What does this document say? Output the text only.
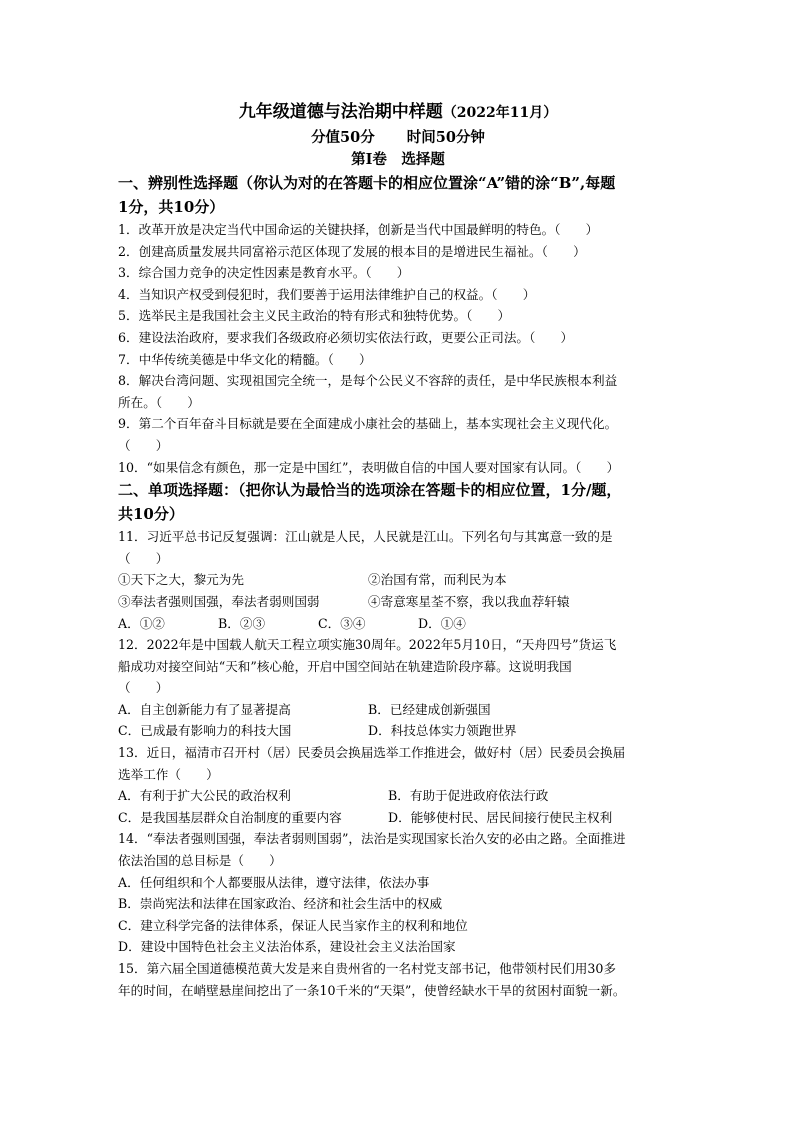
九年级道德与法治期中样题（2022年11月）
分值50分 时间50分钟
第Ⅰ卷　选择题

一、辨别性选择题（你认为对的在答题卡的相应位置涂“A”错的涂“B”,每题

1分，共10分）

1．改革开放是决定当代中国命运的关键抉择，创新是当代中国最鲜明的特色。（　　）

2．创建高质量发展共同富裕示范区体现了发展的根本目的是增进民生福祉。（　　）

3．综合国力竞争的决定性因素是教育水平。（　　）

4．当知识产权受到侵犯时，我们要善于运用法律维护自己的权益。（　　）

5．选举民主是我国社会主义民主政治的特有形式和独特优势。（　　）

6．建设法治政府，要求我们各级政府必须切实依法行政，更要公正司法。（　　）

7．中华传统美德是中华文化的精髓。（　　）

8．解决台湾问题、实现祖国完全统一，是每个公民义不容辞的责任，是中华民族根本利益

所在。（　　）

9．第二个百年奋斗目标就是要在全面建成小康社会的基础上，基本实现社会主义现代化。

（　　）

10．“如果信念有颜色，那一定是中国红”，表明做自信的中国人要对国家有认同。（　　）

二、单项选择题：（把你认为最恰当的选项涂在答题卡的相应位置，1分/题，

共10分）

11．习近平总书记反复强调：江山就是人民，人民就是江山。下列名句与其寓意一致的是

（　　）

①天下之大，黎元为先	②治国有常，而利民为本
③奉法者强则国强，奉法者弱则国弱	④寄意寒星荃不察，我以我血荐轩辕
A．①②	B．②③	C．③④	D．①④

12．2022年是中国载人航天工程立项实施30周年。2022年5月10日，“天舟四号”货运飞

船成功对接空间站“天和”核心舱，开启中国空间站在轨建造阶段序幕。这说明我国

（　　）

A．自主创新能力有了显著提高	B．已经建成创新强国
C．已成最有影响力的科技大国	D．科技总体实力领跑世界

13．近日，福清市召开村（居）民委员会换届选举工作推进会，做好村（居）民委员会换届

选举工作（　　）

A．有利于扩大公民的政治权利	B．有助于促进政府依法行政
C．是我国基层群众自治制度的重要内容	D．能够使村民、居民间接行使民主权利

14．“奉法者强则国强，奉法者弱则国弱”，法治是实现国家长治久安的必由之路。全面推进

依法治国的总目标是（　　）

A．任何组织和个人都要服从法律，遵守法律，依法办事

B．崇尚宪法和法律在国家政治、经济和社会生活中的权威

C．建立科学完备的法律体系，保证人民当家作主的权利和地位

D．建设中国特色社会主义法治体系，建设社会主义法治国家

15．第六届全国道德模范黄大发是来自贵州省的一名村党支部书记，他带领村民们用30多

年的时间，在峭壁悬崖间挖出了一条10千米的“天渠”，使曾经缺水干旱的贫困村面貌一新。
